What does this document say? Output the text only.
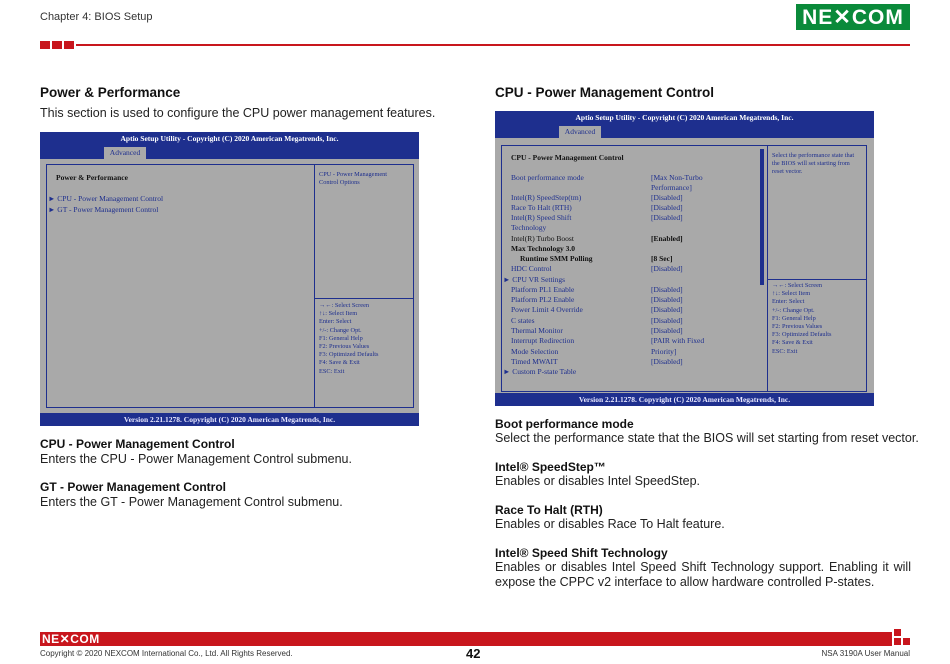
Chapter 4: BIOS Setup	NE✕COM
Power & Performance
This section is used to configure the CPU power management features.
Aptio Setup Utility - Copyright (C) 2020 American Megatrends, Inc.
Advanced
Power & Performance
► CPU - Power Management Control
► GT - Power Management Control
CPU - Power Management
Control Options
→←: Select Screen
↑↓: Select Item
Enter: Select
+/-: Change Opt.
F1: General Help
F2: Previous Values
F3: Optimized Defaults
F4: Save & Exit
ESC: Exit
Version 2.21.1278. Copyright (C) 2020 American Megatrends, Inc.
CPU - Power Management Control
Enters the CPU - Power Management Control submenu.
GT - Power Management Control
Enters the GT - Power Management Control submenu.
CPU - Power Management Control
Aptio Setup Utility - Copyright (C) 2020 American Megatrends, Inc.
Advanced
CPU - Power Management Control
Boot performance mode	[Max Non-Turbo
Performance]
Intel(R) SpeedStep(tm)	[Disabled]
Race To Halt (RTH)	[Disabled]
Intel(R) Speed Shift	[Disabled]
Technology
Intel(R) Turbo Boost	[Enabled]
Max Technology 3.0
Runtime SMM Polling	[8 Sec]
HDC Control	[Disabled]
► CPU VR Settings
Platform PL1 Enable	[Disabled]
Platform PL2 Enable	[Disabled]
Power Limit 4 Override	[Disabled]
C states	[Disabled]
Thermal Monitor	[Disabled]
Interrupt Redirection	[PAIR with Fixed
Mode Selection	Priority]
Timed MWAIT	[Disabled]
► Custom P-state Table
Select the performance state that
the BIOS will set starting from
reset vector.
→←: Select Screen
↑↓: Select Item
Enter: Select
+/-: Change Opt.
F1: General Help
F2: Previous Values
F3: Optimized Defaults
F4: Save & Exit
ESC: Exit
Version 2.21.1278. Copyright (C) 2020 American Megatrends, Inc.
Boot performance mode
Select the performance state that the BIOS will set starting from reset vector.
Intel® SpeedStep™
Enables or disables Intel SpeedStep.
Race To Halt (RTH)
Enables or disables Race To Halt feature.
Intel® Speed Shift Technology
Enables or disables Intel Speed Shift Technology support. Enabling it will expose the CPPC v2 interface to allow hardware controlled P-states.
NE✕COM
Copyright © 2020 NEXCOM International Co., Ltd. All Rights Reserved.	42	NSA 3190A User Manual
